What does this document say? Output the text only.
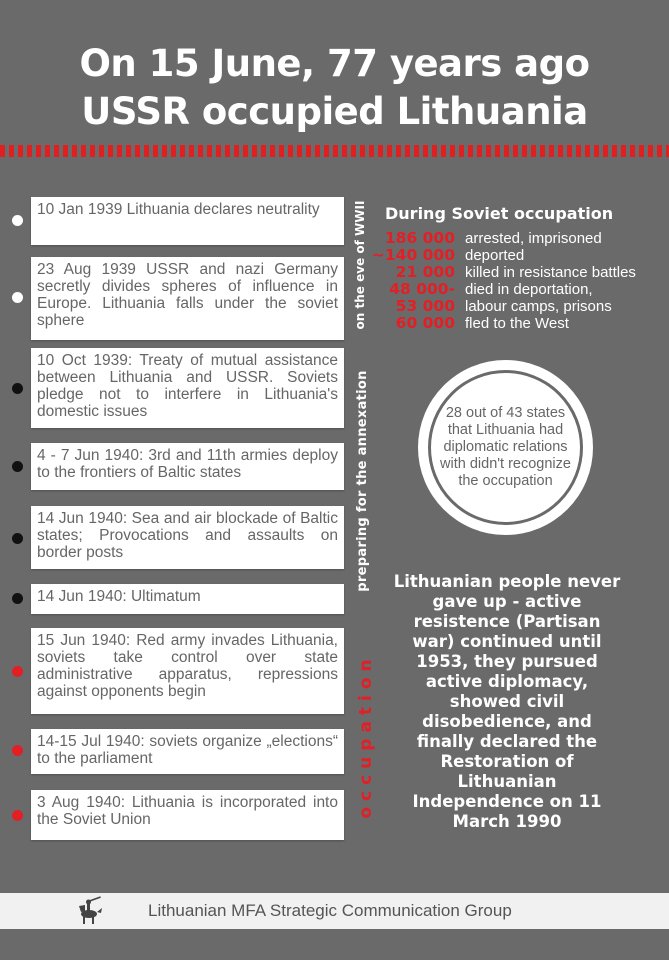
On 15 June, 77 years ago
USSR occupied Lithuania
10 Jan 1939 Lithuania declares neutrality
23 Aug 1939 USSR and nazi Germany secretly divides spheres of influence in Europe. Lithuania falls under the soviet sphere
10 Oct 1939: Treaty of mutual assistance between Lithuania and USSR. Soviets pledge not to interfere in Lithuania's domestic issues
4 - 7 Jun 1940: 3rd and 11th armies deploy to the frontiers of Baltic states
14 Jun 1940: Sea and air blockade of Baltic states; Provocations and assaults on border posts
14 Jun 1940: Ultimatum
15 Jun 1940: Red army invades Lithuania, soviets take control over state administrative apparatus, repressions against opponents begin
14-15 Jul 1940: soviets organize „elections“ to the parliament
3 Aug 1940: Lithuania is incorporated into the Soviet Union
on the eve of WWII
preparing for the annexation
occupation
During Soviet occupation
186 000 arrested, imprisoned
~140 000 deported
21 000 killed in resistance battles
48 000- died in deportation,
53 000 labour camps, prisons
60 000 fled to the West
28 out of 43 states that Lithuania had diplomatic relations with didn't recognize the occupation
Lithuanian people never gave up - active resistence (Partisan war) continued until 1953, they pursued active diplomacy, showed civil disobedience, and finally declared the Restoration of Lithuanian Independence on 11 March 1990
Lithuanian MFA Strategic Communication Group
